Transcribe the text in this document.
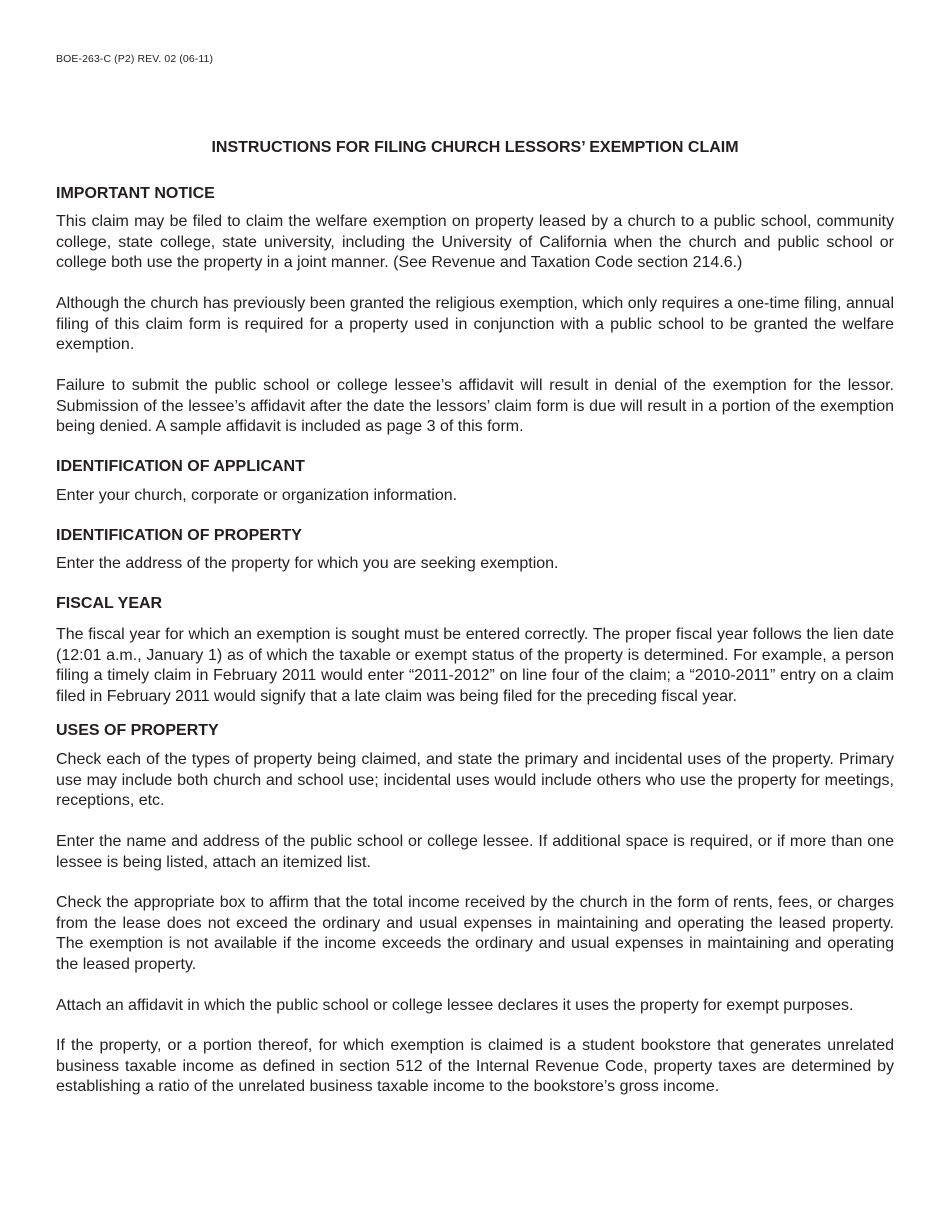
BOE-263-C (P2) REV. 02 (06-11)
INSTRUCTIONS FOR FILING CHURCH LESSORS’ EXEMPTION CLAIM
IMPORTANT NOTICE

This claim may be filed to claim the welfare exemption on property leased by a church to a public school, community college, state college, state university, including the University of California when the church and public school or college both use the property in a joint manner. (See Revenue and Taxation Code section 214.6.)

Although the church has previously been granted the religious exemption, which only requires a one-time filing, annual filing of this claim form is required for a property used in conjunction with a public school to be granted the welfare exemption.

Failure to submit the public school or college lessee’s affidavit will result in denial of the exemption for the lessor. Submission of the lessee’s affidavit after the date the lessors’ claim form is due will result in a portion of the exemption being denied. A sample affidavit is included as page 3 of this form.

IDENTIFICATION OF APPLICANT

Enter your church, corporate or organization information.

IDENTIFICATION OF PROPERTY

Enter the address of the property for which you are seeking exemption.

FISCAL YEAR

The fiscal year for which an exemption is sought must be entered correctly. The proper fiscal year follows the lien date (12:01 a.m., January 1) as of which the taxable or exempt status of the property is determined. For example, a person filing a timely claim in February 2011 would enter “2011-2012” on line four of the claim; a “2010-2011” entry on a claim filed in February 2011 would signify that a late claim was being filed for the preceding fiscal year.

USES OF PROPERTY

Check each of the types of property being claimed, and state the primary and incidental uses of the property. Primary use may include both church and school use; incidental uses would include others who use the property for meetings, receptions, etc.

Enter the name and address of the public school or college lessee. If additional space is required, or if more than one lessee is being listed, attach an itemized list.

Check the appropriate box to affirm that the total income received by the church in the form of rents, fees, or charges from the lease does not exceed the ordinary and usual expenses in maintaining and operating the leased property. The exemption is not available if the income exceeds the ordinary and usual expenses in maintaining and operating the leased property.

Attach an affidavit in which the public school or college lessee declares it uses the property for exempt purposes.

If the property, or a portion thereof, for which exemption is claimed is a student bookstore that generates unrelated business taxable income as defined in section 512 of the Internal Revenue Code, property taxes are determined by establishing a ratio of the unrelated business taxable income to the bookstore’s gross income.
